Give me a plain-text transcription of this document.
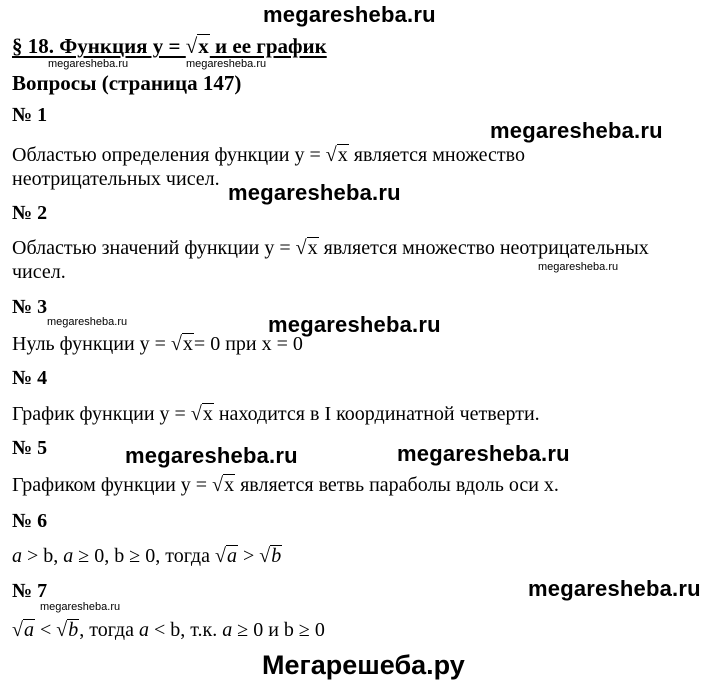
megaresheba.ru
megaresheba.ru	megaresheba.ru
megaresheba.ru
megaresheba.ru
megaresheba.ru
megaresheba.ru	megaresheba.ru
megaresheba.ru	megaresheba.ru
megaresheba.ru
megaresheba.ru
§ 18. Функция y = √x и ее график
Вопросы (страница 147)
№ 1
Областью определения функции y = √x является множество
неотрицательных чисел.
№ 2
Областью значений функции y = √x является множество неотрицательных
чисел.
№ 3
Нуль функции y = √x= 0 при x = 0
№ 4
График функции y = √x находится в I координатной четверти.
№ 5
Графиком функции y = √x является ветвь параболы вдоль оси x.
№ 6
a > b, a ≥ 0, b ≥ 0, тогда √a > √b
№ 7
√a < √b, тогда a < b, т.к. a ≥ 0 и b ≥ 0
Мегарешеба.ру
